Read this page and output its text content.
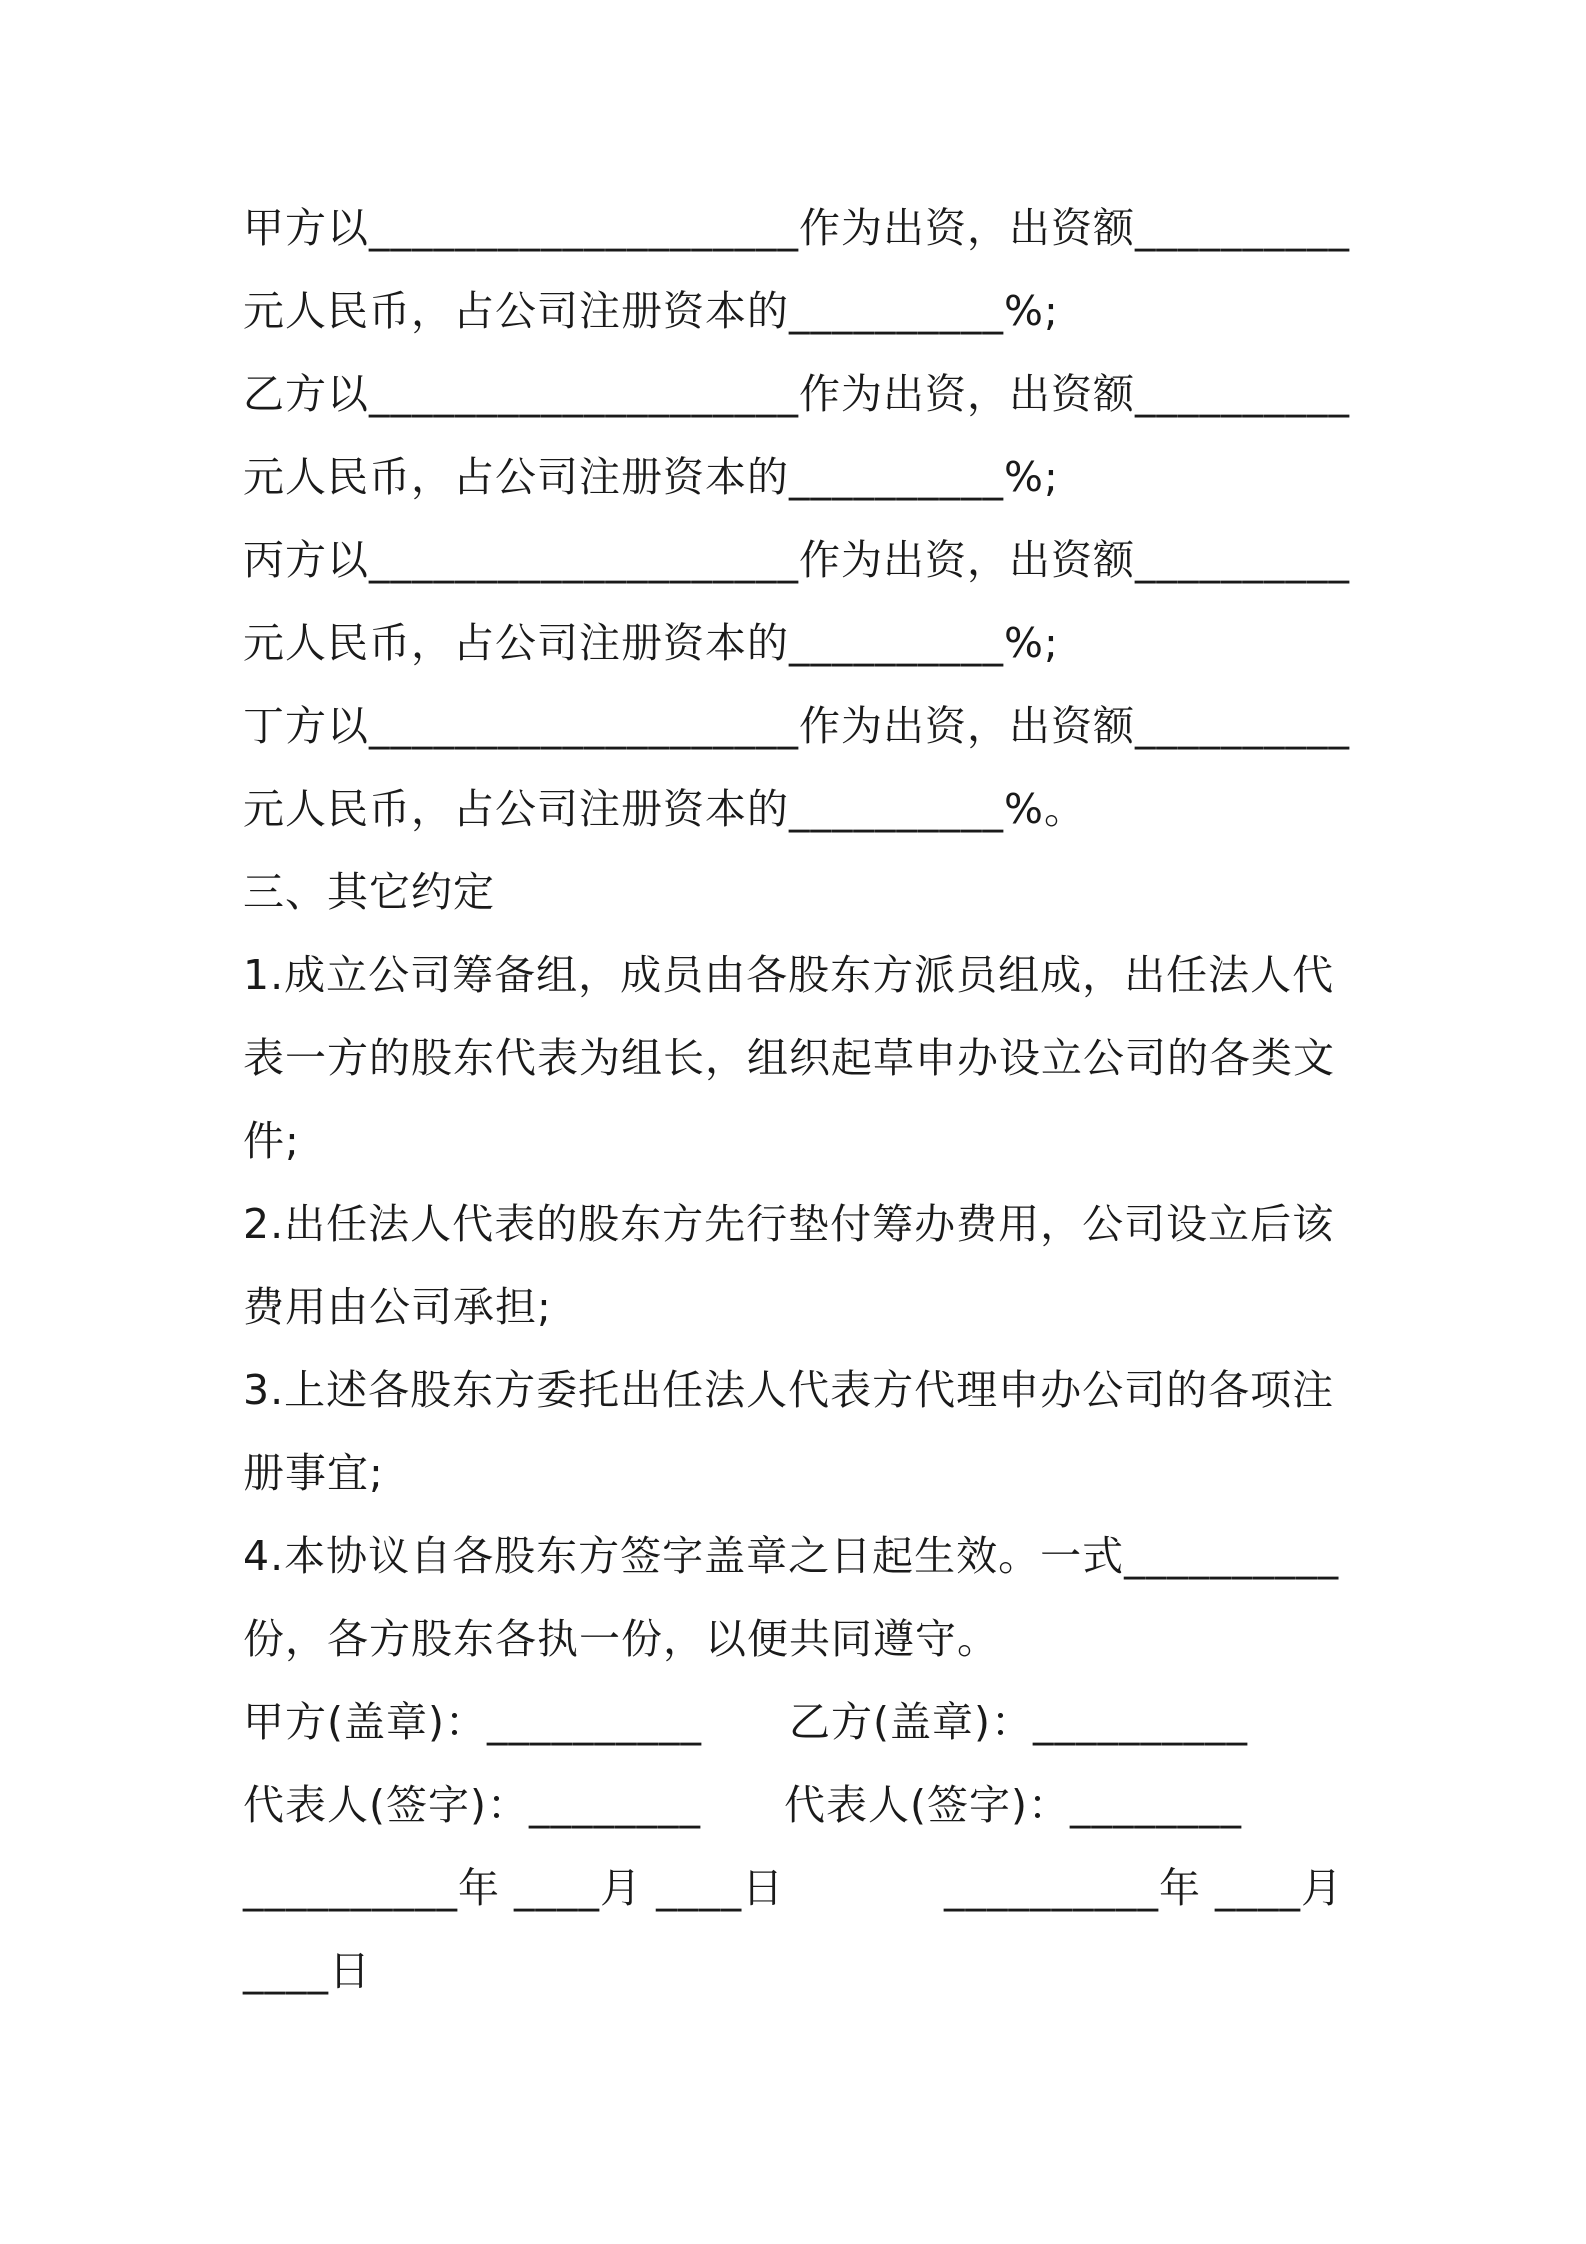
甲方以____________________作为出资，出资额__________
元人民币，占公司注册资本的__________%;
乙方以____________________作为出资，出资额__________
元人民币，占公司注册资本的__________%;
丙方以____________________作为出资，出资额__________
元人民币，占公司注册资本的__________%;
丁方以____________________作为出资，出资额__________
元人民币，占公司注册资本的__________%。
三、其它约定
1.成立公司筹备组，成员由各股东方派员组成，出任法人代
表一方的股东代表为组长，组织起草申办设立公司的各类文
件;
2.出任法人代表的股东方先行垫付筹办费用，公司设立后该
费用由公司承担;
3.上述各股东方委托出任法人代表方代理申办公司的各项注
册事宜;
4.本协议自各股东方签字盖章之日起生效。一式__________
份，各方股东各执一份，以便共同遵守。
甲方(盖章)：__________ 乙方(盖章)：__________
代表人(签字)：________ 代表人(签字)：________
__________年 ____月 ____日	__________年 ____月
____日
